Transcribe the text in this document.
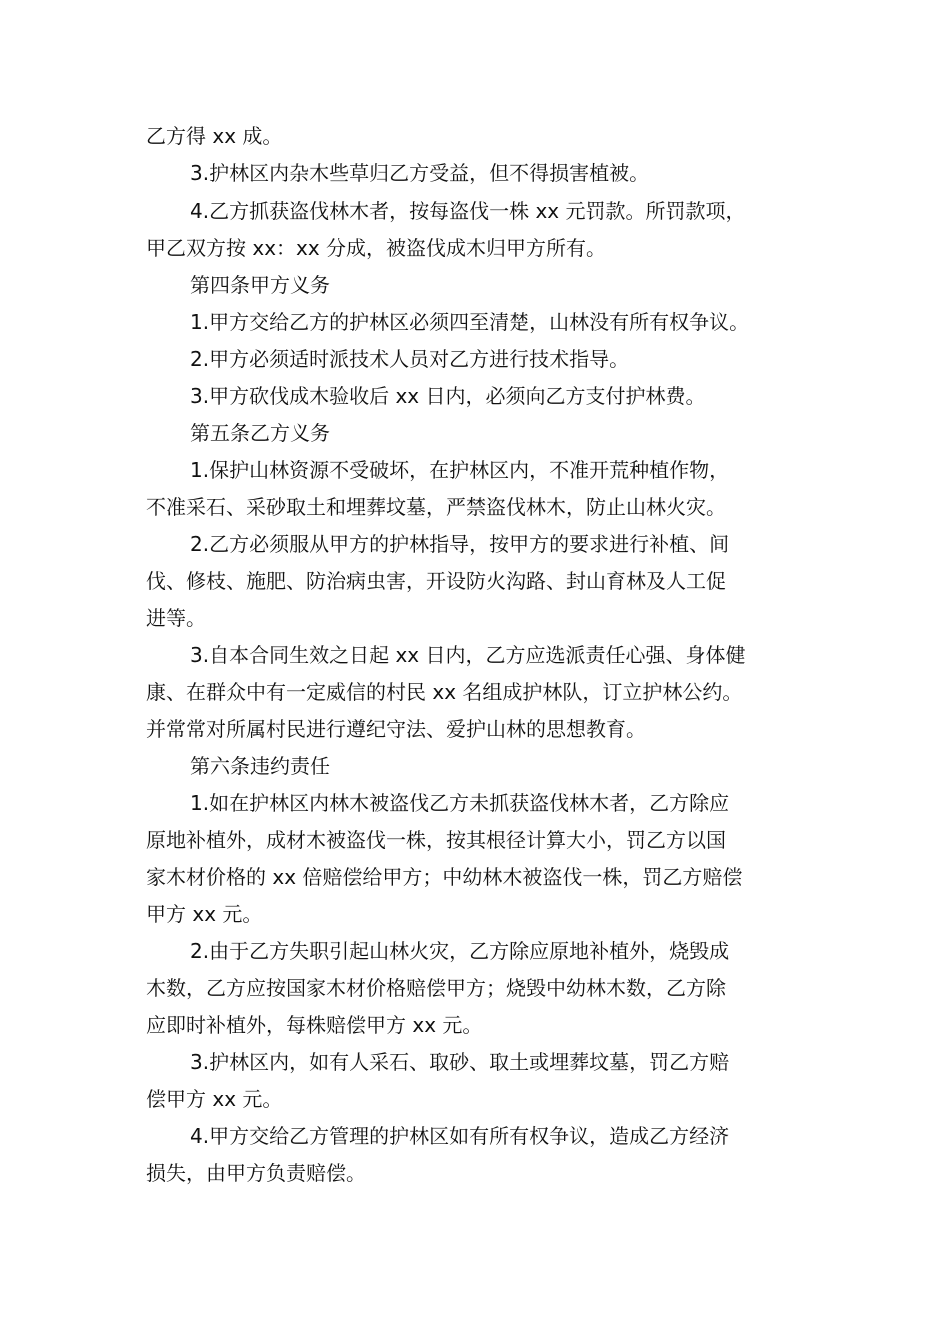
乙方得 xx 成。
3.护林区内杂木些草归乙方受益，但不得损害植被。
4.乙方抓获盗伐林木者，按每盗伐一株 xx 元罚款。所罚款项，
甲乙双方按 xx：xx 分成，被盗伐成木归甲方所有。
第四条甲方义务
1.甲方交给乙方的护林区必须四至清楚，山林没有所有权争议。
2.甲方必须适时派技术人员对乙方进行技术指导。
3.甲方砍伐成木验收后 xx 日内，必须向乙方支付护林费。
第五条乙方义务
1.保护山林资源不受破坏，在护林区内，不准开荒种植作物，
不准采石、采砂取土和埋葬坟墓，严禁盗伐林木，防止山林火灾。
2.乙方必须服从甲方的护林指导，按甲方的要求进行补植、间
伐、修枝、施肥、防治病虫害，开设防火沟路、封山育林及人工促
进等。
3.自本合同生效之日起 xx 日内，乙方应选派责任心强、身体健
康、在群众中有一定威信的村民 xx 名组成护林队，订立护林公约。
并常常对所属村民进行遵纪守法、爱护山林的思想教育。
第六条违约责任
1.如在护林区内林木被盗伐乙方未抓获盗伐林木者，乙方除应
原地补植外，成材木被盗伐一株，按其根径计算大小，罚乙方以国
家木材价格的 xx 倍赔偿给甲方；中幼林木被盗伐一株，罚乙方赔偿
甲方 xx 元。
2.由于乙方失职引起山林火灾，乙方除应原地补植外，烧毁成
木数，乙方应按国家木材价格赔偿甲方；烧毁中幼林木数，乙方除
应即时补植外，每株赔偿甲方 xx 元。
3.护林区内，如有人采石、取砂、取土或埋葬坟墓，罚乙方赔
偿甲方 xx 元。
4.甲方交给乙方管理的护林区如有所有权争议，造成乙方经济
损失，由甲方负责赔偿。
